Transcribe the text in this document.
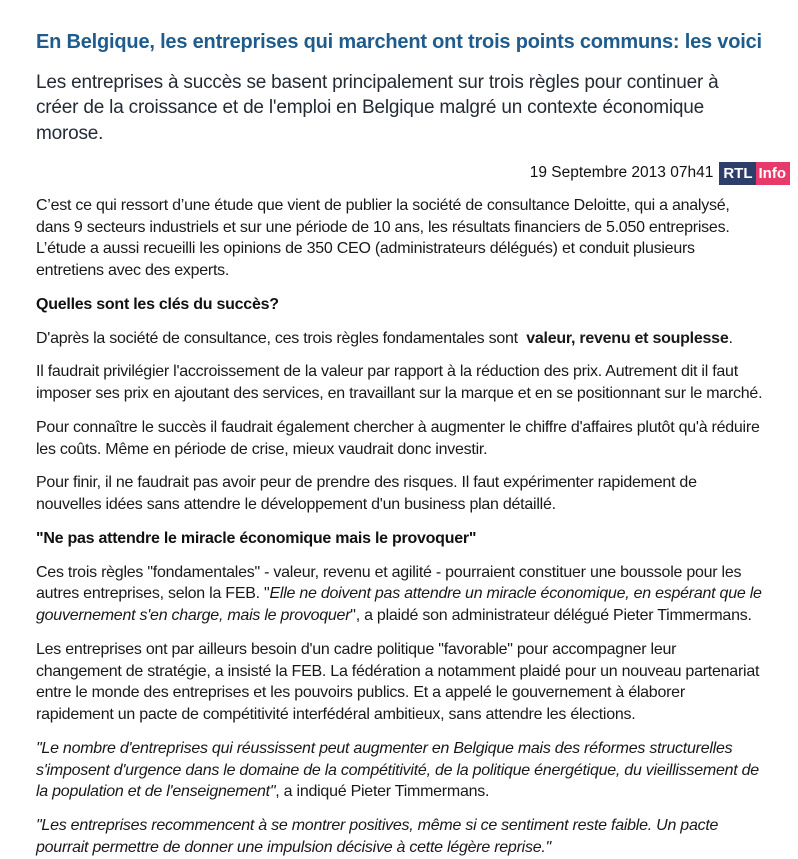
En Belgique, les entreprises qui marchent ont trois points communs: les voici

Les entreprises à succès se basent principalement sur trois règles pour continuer à créer de la croissance et de l'emploi en Belgique malgré un contexte économique morose.

19 Septembre 2013 07h41 RTL Info

C’est ce qui ressort d’une étude que vient de publier la société de consultance Deloitte, qui a analysé, dans 9 secteurs industriels et sur une période de 10 ans, les résultats financiers de 5.050 entreprises. L’étude a aussi recueilli les opinions de 350 CEO (administrateurs délégués) et conduit plusieurs entretiens avec des experts.

Quelles sont les clés du succès?

D'après la société de consultance, ces trois règles fondamentales sont  valeur, revenu et souplesse.

Il faudrait privilégier l'accroissement de la valeur par rapport à la réduction des prix. Autrement dit il faut imposer ses prix en ajoutant des services, en travaillant sur la marque et en se positionnant sur le marché.

Pour connaître le succès il faudrait également chercher à augmenter le chiffre d'affaires plutôt qu'à réduire les coûts. Même en période de crise, mieux vaudrait donc investir.

Pour finir, il ne faudrait pas avoir peur de prendre des risques. Il faut expérimenter rapidement de nouvelles idées sans attendre le développement d'un business plan détaillé.

"Ne pas attendre le miracle économique mais le provoquer"

Ces trois règles "fondamentales" - valeur, revenu et agilité - pourraient constituer une boussole pour les autres entreprises, selon la FEB. "Elle ne doivent pas attendre un miracle économique, en espérant que le gouvernement s'en charge, mais le provoquer", a plaidé son administrateur délégué Pieter Timmermans.

Les entreprises ont par ailleurs besoin d'un cadre politique "favorable" pour accompagner leur changement de stratégie, a insisté la FEB. La fédération a notamment plaidé pour un nouveau partenariat entre le monde des entreprises et les pouvoirs publics. Et a appelé le gouvernement à élaborer rapidement un pacte de compétitivité interfédéral ambitieux, sans attendre les élections.

"Le nombre d'entreprises qui réussissent peut augmenter en Belgique mais des réformes structurelles s'imposent d'urgence dans le domaine de la compétitivité, de la politique énergétique, du vieillissement de la population et de l'enseignement", a indiqué Pieter Timmermans.

"Les entreprises recommencent à se montrer positives, même si ce sentiment reste faible. Un pacte pourrait permettre de donner une impulsion décisive à cette légère reprise."
